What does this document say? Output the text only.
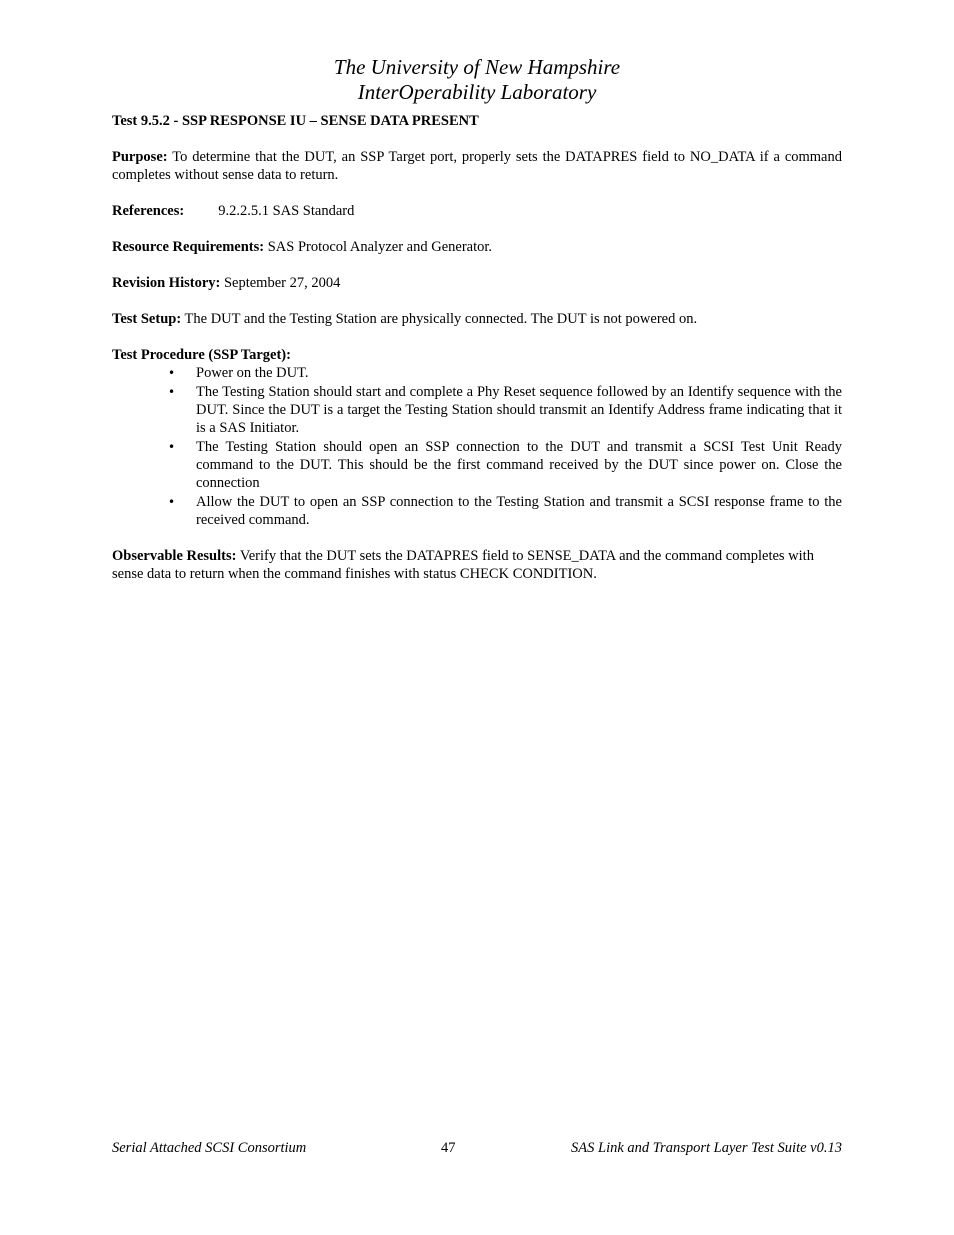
The University of New Hampshire
InterOperability Laboratory
Test 9.5.2 - SSP RESPONSE IU – SENSE DATA PRESENT
Purpose: To determine that the DUT, an SSP Target port, properly sets the DATAPRES field to NO_DATA if a command completes without sense data to return.
References: 9.2.2.5.1 SAS Standard
Resource Requirements: SAS Protocol Analyzer and Generator.
Revision History: September 27, 2004
Test Setup: The DUT and the Testing Station are physically connected. The DUT is not powered on.
Test Procedure (SSP Target):
• Power on the DUT.
• The Testing Station should start and complete a Phy Reset sequence followed by an Identify sequence with the DUT. Since the DUT is a target the Testing Station should transmit an Identify Address frame indicating that it is a SAS Initiator.
• The Testing Station should open an SSP connection to the DUT and transmit a SCSI Test Unit Ready command to the DUT. This should be the first command received by the DUT since power on. Close the connection
• Allow the DUT to open an SSP connection to the Testing Station and transmit a SCSI response frame to the received command.
Observable Results: Verify that the DUT sets the DATAPRES field to SENSE_DATA and the command completes with sense data to return when the command finishes with status CHECK CONDITION.
Serial Attached SCSI Consortium	47	SAS Link and Transport Layer Test Suite v0.13
